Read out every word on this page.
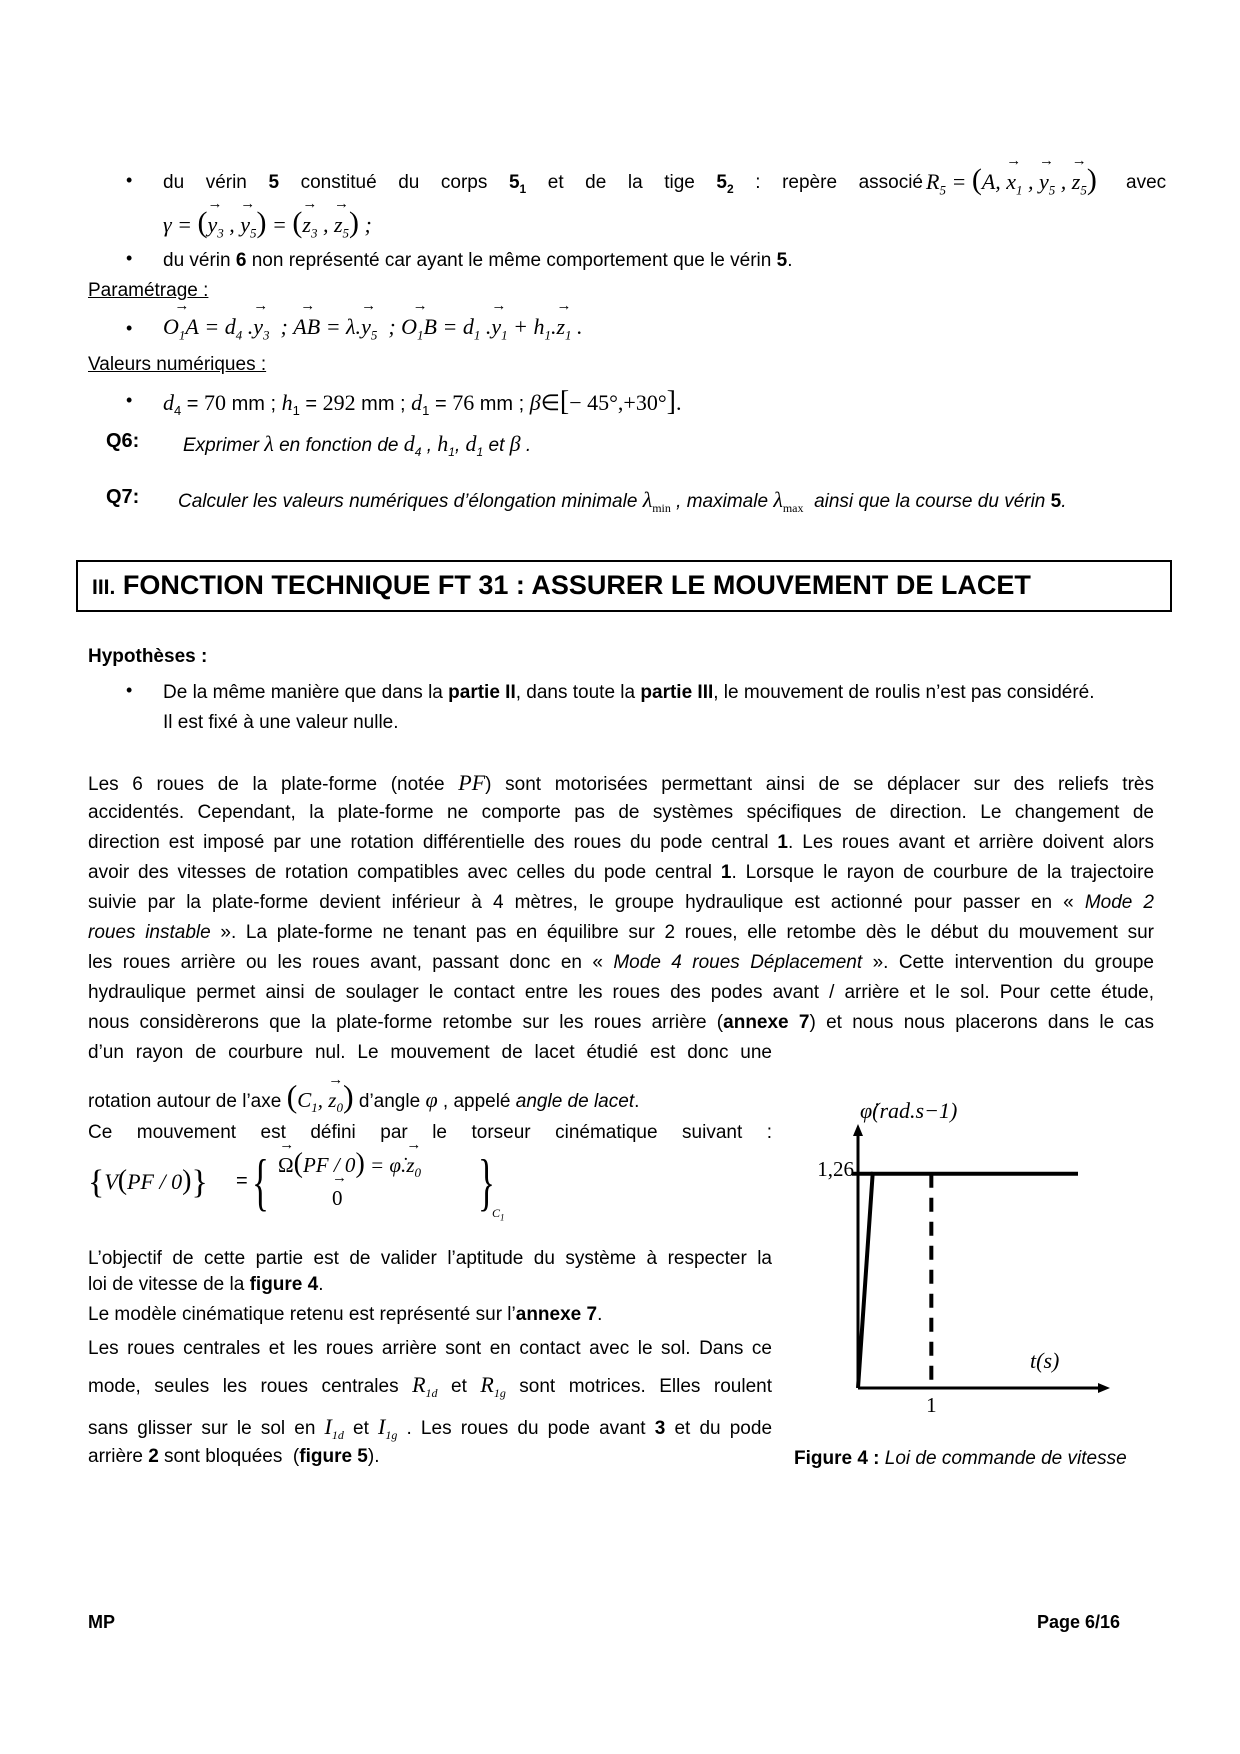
• du vérin 5 constitué du corps $5_1$ et de la tige $5_2$ : repère associé $R_5 = (A$, → $x_1$ , → $y_5$ , → $z_5$) avec
γ = (→ $y_3$ , → $y_5$) = (→ $z_3$ , → $z_5$) ;
• du vérin 6 non représenté car ayant le même comportement que le vérin 5.
Paramétrage :
• → $O_1A = d_4$ .→ $y_3$  ; → AB = $\lambda.\to y_5$  ; → $O_1B = d_1$ .→ $y_1 + h_1.\to z_1$ .
Valeurs numériques :
• $d_4 = 70$ mm ; $h_1 = 292$ mm ; $d_1 = 76$ mm ; β∈[− 45°,+30°].
Q6: Exprimer λ en fonction de $d_4$ , $h_1$, $d_1$ et β .
Q7: Calculer les valeurs numériques d’élongation minimale $\lambda_{min}$ , maximale $\lambda_{max}$  ainsi que la course du vérin 5.
III. FONCTION TECHNIQUE FT 31 : ASSURER LE MOUVEMENT DE LACET
Hypothèses :
• De la même manière que dans la partie II, dans toute la partie III, le mouvement de roulis n’est pas considéré.
Il est fixé à une valeur nulle.
Les 6 roues de la plate-forme (notée PF) sont motorisées permettant ainsi de se déplacer sur des reliefs très
accidentés. Cependant, la plate-forme ne comporte pas de systèmes spécifiques de direction. Le changement de
direction est imposé par une rotation différentielle des roues du pode central 1. Les roues avant et arrière doivent alors
avoir des vitesses de rotation compatibles avec celles du pode central 1. Lorsque le rayon de courbure de la trajectoire
suivie par la plate-forme devient inférieur à 4 mètres, le groupe hydraulique est actionné pour passer en « Mode 2
roues instable ». La plate-forme ne tenant pas en équilibre sur 2 roues, elle retombe dès le début du mouvement sur
les roues arrière ou les roues avant, passant donc en « Mode 4 roues Déplacement ». Cette intervention du groupe
hydraulique permet ainsi de soulager le contact entre les roues des podes avant / arrière et le sol. Pour cette étude,
nous considèrerons que la plate-forme retombe sur les roues arrière (annexe 7) et nous nous placerons dans le cas
d’un rayon de courbure nul. Le mouvement de lacet étudié est donc une
rotation autour de l’axe ($C_1$, → $z_0$) d’angle φ , appelé angle de lacet.
Ce mouvement est défini par le torseur cinématique suivant :
{V(PF / 0)} = { → Ω(PF / 0) = φ̇.→ $z_0$
→ 0 }
$C_1$
L’objectif de cette partie est de valider l’aptitude du système à respecter la
loi de vitesse de la figure 4.
Le modèle cinématique retenu est représenté sur l’annexe 7.
Les roues centrales et les roues arrière sont en contact avec le sol. Dans ce
mode, seules les roues centrales $R_{1d}$ et $R_{1g}$ sont motrices. Elles roulent
sans glisser sur le sol en $I_{1d}$ et $I_{1g}$ . Les roues du pode avant 3 et du pode
arrière 2 sont bloquées  (figure 5).
φ̇(rad.s−1)
t(s)
1,26
1
Figure 4 : Loi de commande de vitesse
MP	Page 6/16
